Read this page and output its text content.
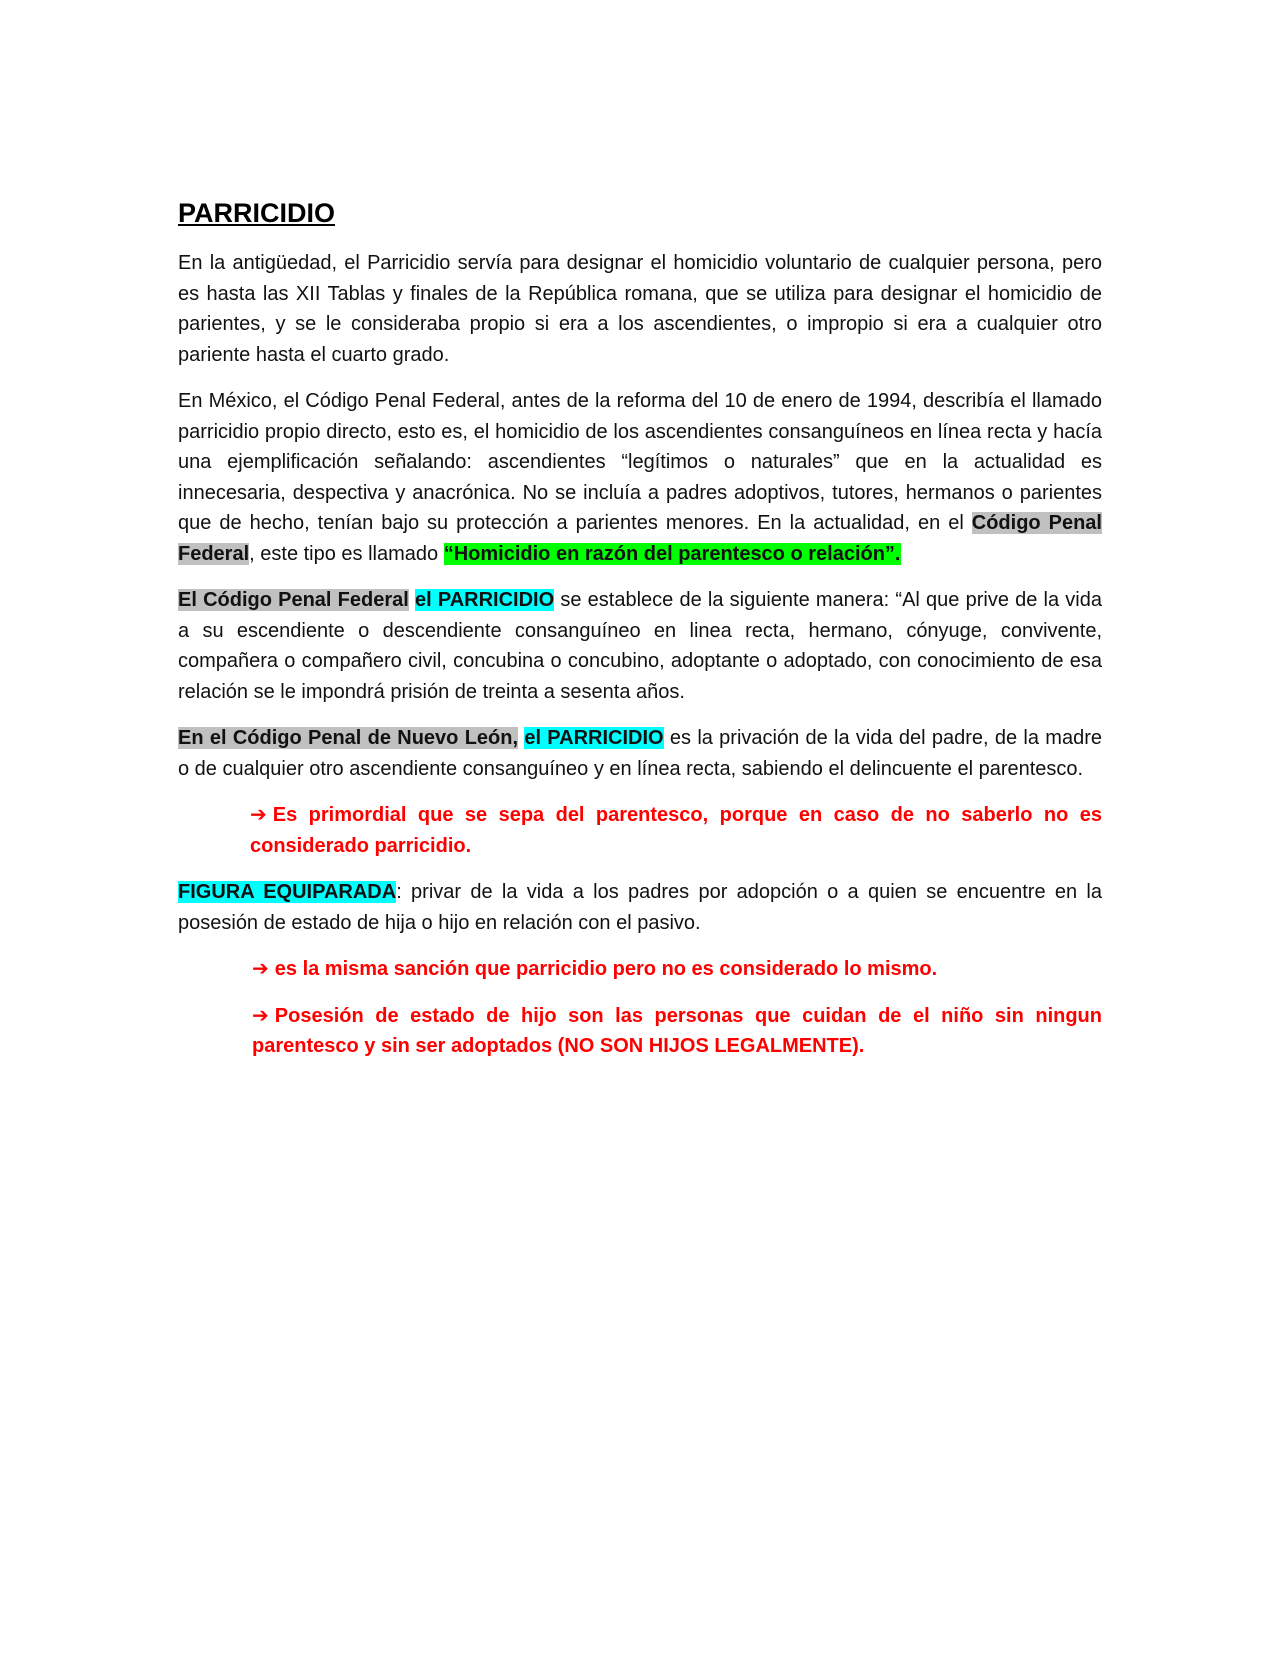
PARRICIDIO

En la antigüedad, el Parricidio servía para designar el homicidio voluntario de cualquier persona, pero es hasta las XII Tablas y finales de la República romana, que se utiliza para designar el homicidio de parientes, y se le consideraba propio si era a los ascendientes, o impropio si era a cualquier otro pariente hasta el cuarto grado.

En México, el Código Penal Federal, antes de la reforma del 10 de enero de 1994, describía el llamado parricidio propio directo, esto es, el homicidio de los ascendientes consanguíneos en línea recta y hacía una ejemplificación señalando: ascendientes “legítimos o naturales” que en la actualidad es innecesaria, despectiva y anacrónica. No se incluía a padres adoptivos, tutores, hermanos o parientes que de hecho, tenían bajo su protección a parientes menores. En la actualidad, en el Código Penal Federal, este tipo es llamado “Homicidio en razón del parentesco o relación”.

El Código Penal Federal el PARRICIDIO se establece de la siguiente manera: “Al que prive de la vida a su escendiente o descendiente consanguíneo en linea recta, hermano, cónyuge, convivente, compañera o compañero civil, concubina o concubino, adoptante o adoptado, con conocimiento de esa relación se le impondrá prisión de treinta a sesenta años.

En el Código Penal de Nuevo León, el PARRICIDIO es la privación de la vida del padre, de la madre o de cualquier otro ascendiente consanguíneo y en línea recta, sabiendo el delincuente el parentesco.

➔ Es primordial que se sepa del parentesco, porque en caso de no saberlo no es considerado parricidio.

FIGURA EQUIPARADA: privar de la vida a los padres por adopción o a quien se encuentre en la posesión de estado de hija o hijo en relación con el pasivo.

➔ es la misma sanción que parricidio pero no es considerado lo mismo.

➔ Posesión de estado de hijo son las personas que cuidan de el niño sin ningun parentesco y sin ser adoptados (NO SON HIJOS LEGALMENTE).
